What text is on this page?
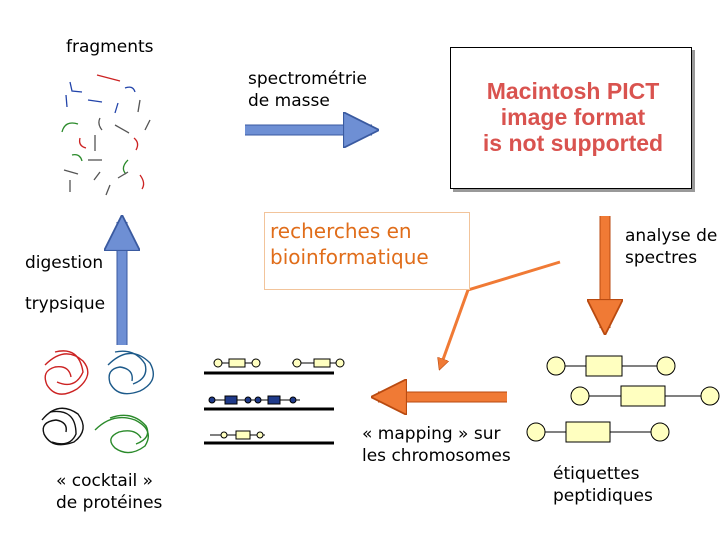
Macintosh PICT
image format
is not supported
recherches en
bioinformatique
fragments
spectrométrie
de masse
digestion
trypsique
« cocktail »
de protéines
analyse de
spectres
« mapping » sur
les chromosomes
étiquettes
peptidiques
